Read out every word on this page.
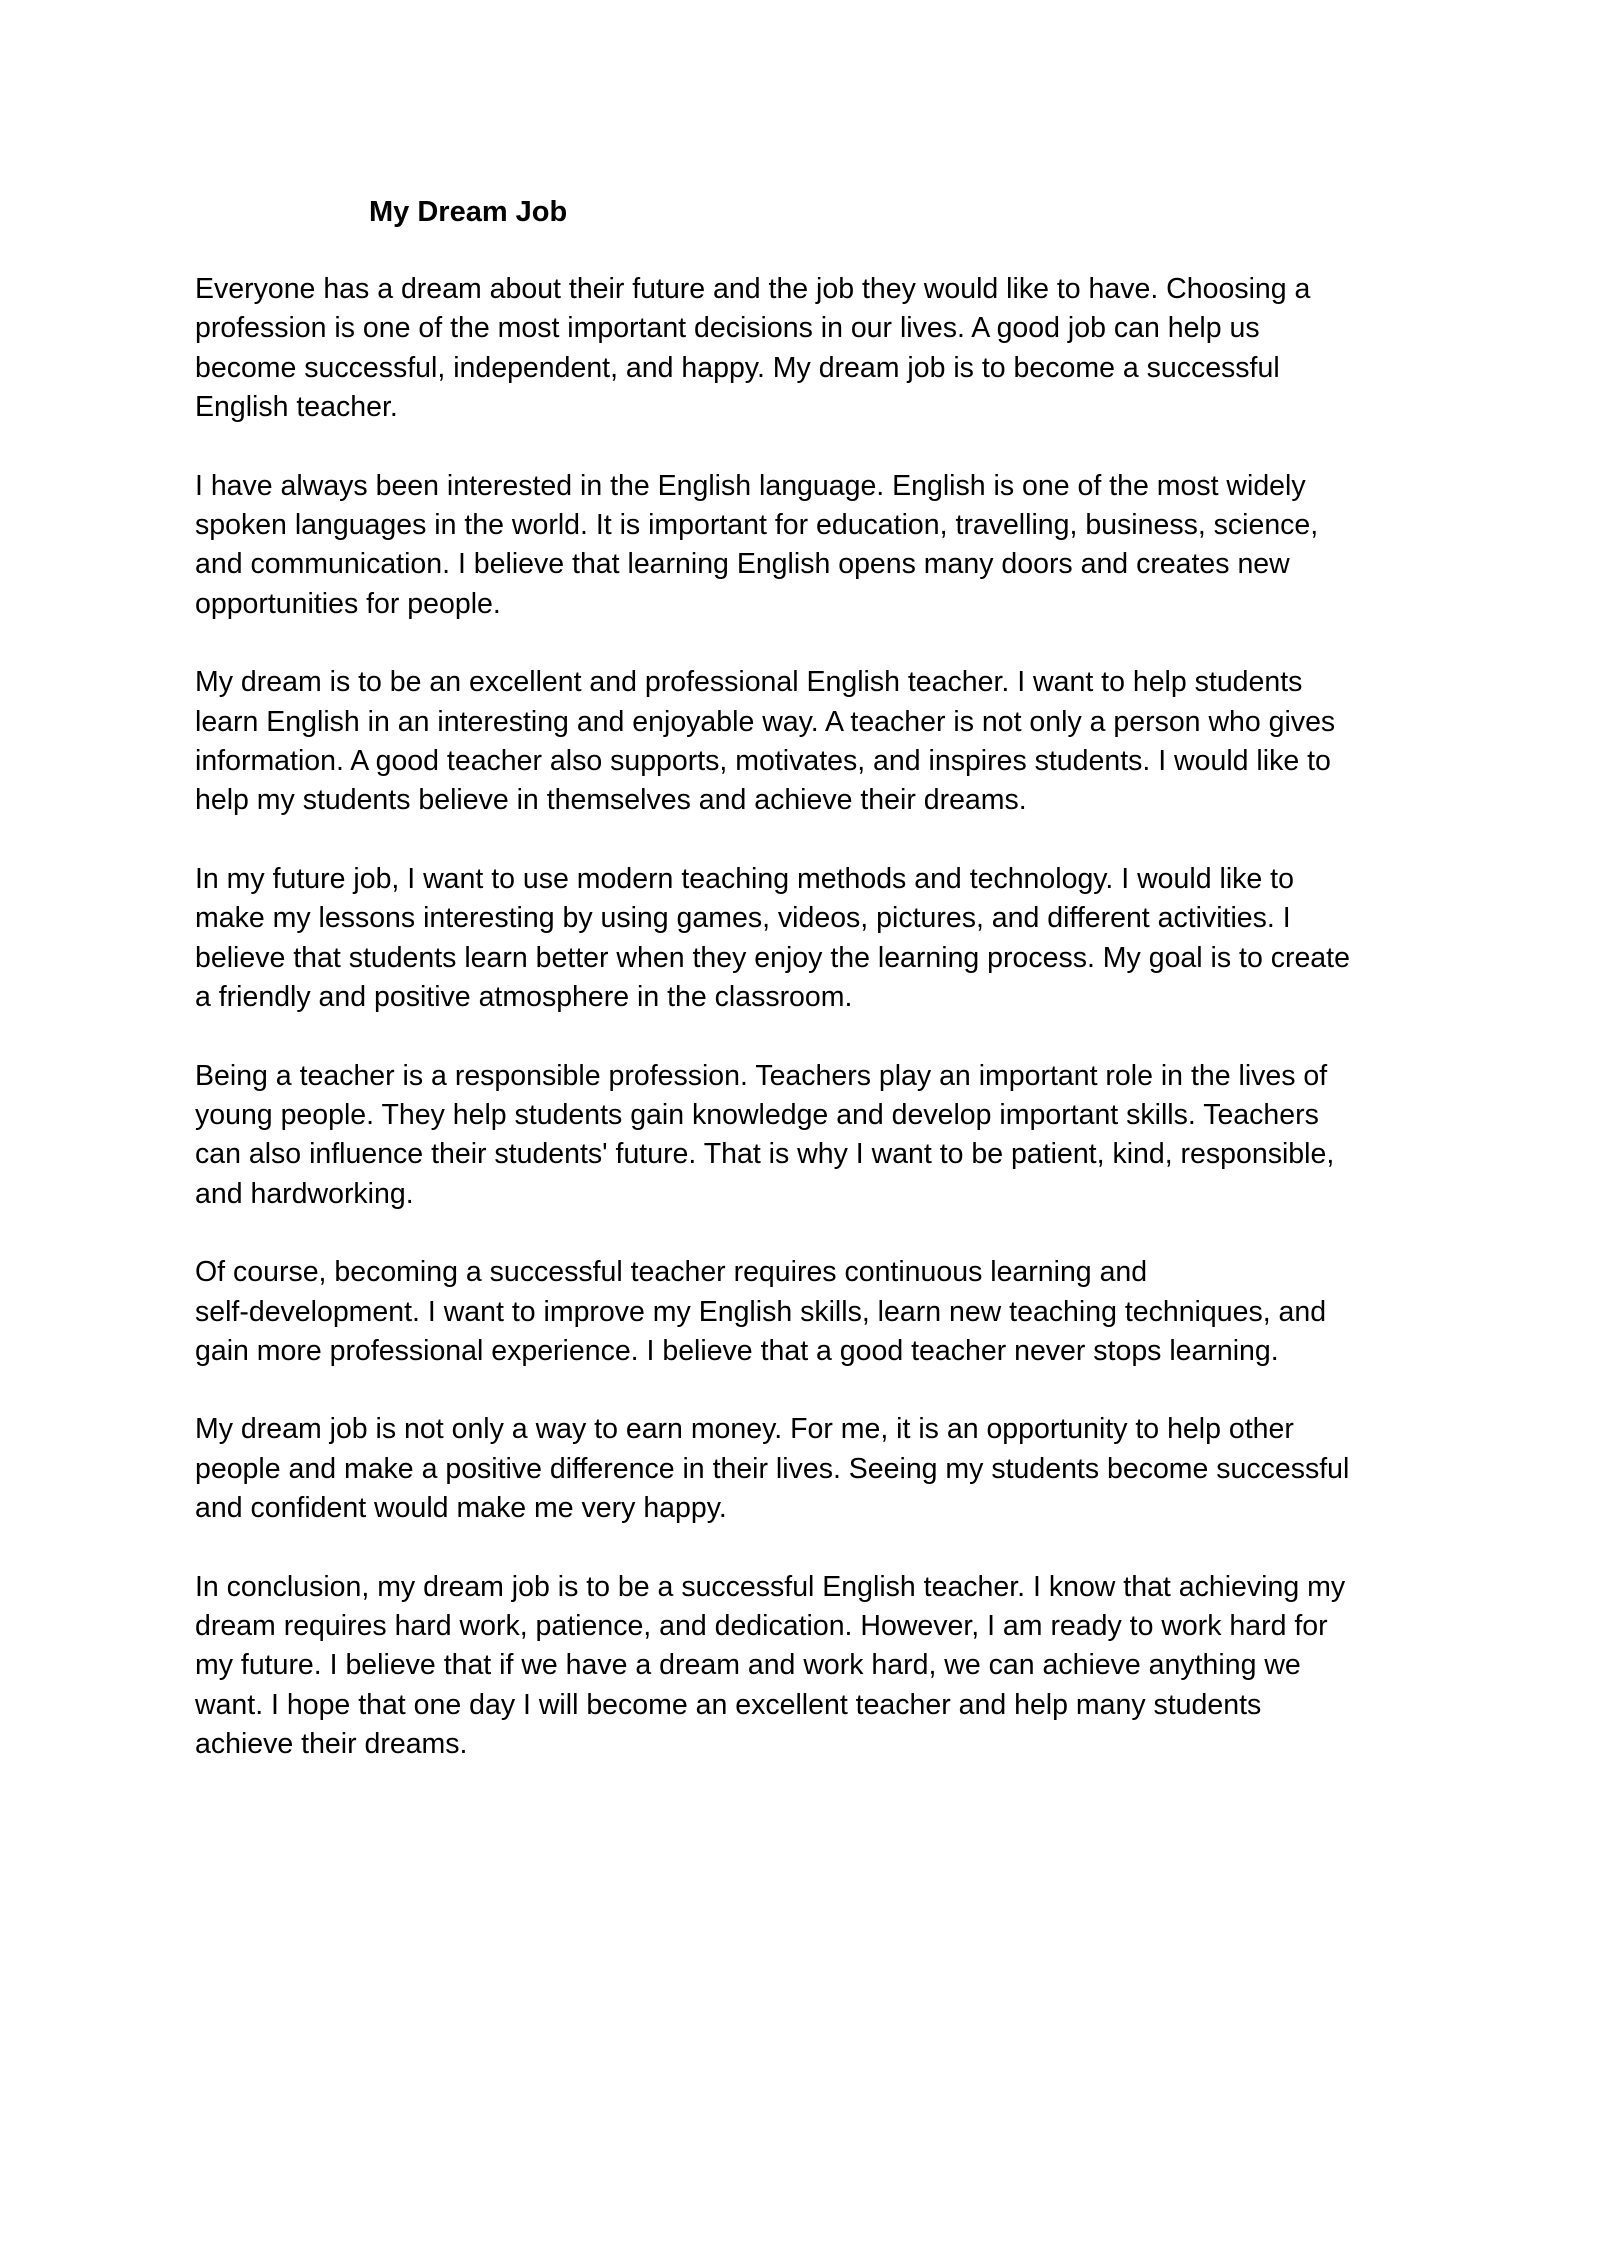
My Dream Job

Everyone has a dream about their future and the job they would like to have. Choosing a
profession is one of the most important decisions in our lives. A good job can help us
become successful, independent, and happy. My dream job is to become a successful
English teacher.

I have always been interested in the English language. English is one of the most widely
spoken languages in the world. It is important for education, travelling, business, science,
and communication. I believe that learning English opens many doors and creates new
opportunities for people.

My dream is to be an excellent and professional English teacher. I want to help students
learn English in an interesting and enjoyable way. A teacher is not only a person who gives
information. A good teacher also supports, motivates, and inspires students. I would like to
help my students believe in themselves and achieve their dreams.

In my future job, I want to use modern teaching methods and technology. I would like to
make my lessons interesting by using games, videos, pictures, and different activities. I
believe that students learn better when they enjoy the learning process. My goal is to create
a friendly and positive atmosphere in the classroom.

Being a teacher is a responsible profession. Teachers play an important role in the lives of
young people. They help students gain knowledge and develop important skills. Teachers
can also influence their students' future. That is why I want to be patient, kind, responsible,
and hardworking.

Of course, becoming a successful teacher requires continuous learning and
self-development. I want to improve my English skills, learn new teaching techniques, and
gain more professional experience. I believe that a good teacher never stops learning.

My dream job is not only a way to earn money. For me, it is an opportunity to help other
people and make a positive difference in their lives. Seeing my students become successful
and confident would make me very happy.

In conclusion, my dream job is to be a successful English teacher. I know that achieving my
dream requires hard work, patience, and dedication. However, I am ready to work hard for
my future. I believe that if we have a dream and work hard, we can achieve anything we
want. I hope that one day I will become an excellent teacher and help many students
achieve their dreams.
